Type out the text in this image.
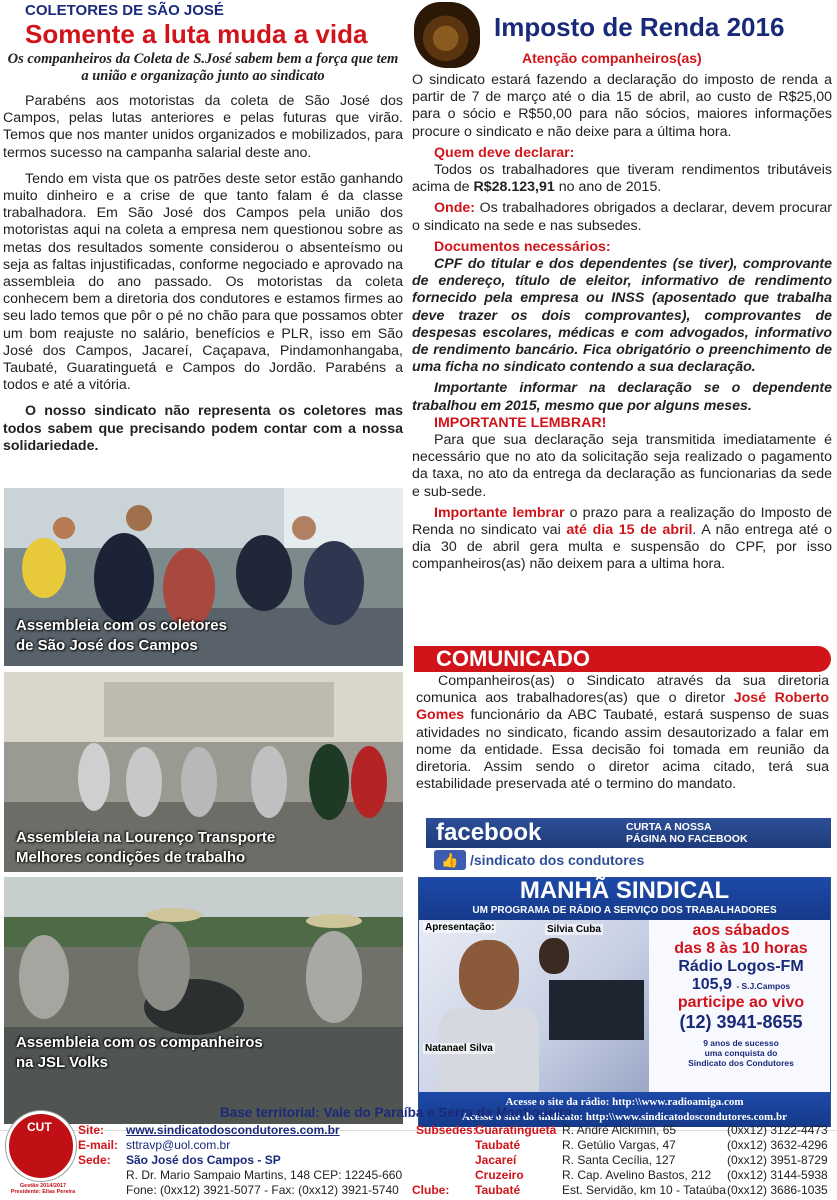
COLETORES DE SÃO JOSÉ
Somente a luta muda a vida
Os companheiros da Coleta de S.José sabem bem a força que tem a união e organização junto ao sindicato

Parabéns aos motoristas da coleta de São José dos Campos, pelas lutas anteriores e pelas futuras que virão. Temos que nos manter unidos organizados e mobilizados, para termos sucesso na campanha salarial deste ano.

Tendo em vista que os patrões deste setor estão ganhando muito dinheiro e a crise de que tanto falam é da classe trabalhadora. Em São José dos Campos pela união dos motoristas aqui na coleta a empresa nem questionou sobre as metas dos resultados somente considerou o absenteísmo ou seja as faltas injustificadas, conforme negociado e aprovado na assembleia do ano passado. Os motoristas da coleta conhecem bem a diretoria dos condutores e estamos firmes ao seu lado temos que pôr o pé no chão para que possamos obter um bom reajuste no salário, benefícios e PLR, isso em São José dos Campos, Jacareí, Caçapava, Pindamonhangaba, Taubaté, Guaratinguetá e Campos do Jordão. Parabéns a todos e até a vitória.

O nosso sindicato não representa os coletores mas todos sabem que precisando podem contar com a nossa solidariedade.

Assembleia com os coletores
de São José dos Campos
Assembleia na Lourenço Transporte
Melhores condições de trabalho
Assembleia com os companheiros
na JSL Volks
Imposto de Renda 2016
Atenção companheiros(as)

O sindicato estará fazendo a declaração do imposto de renda a partir de 7 de março até o dia 15 de abril, ao custo de R$25,00 para o sócio e R$50,00 para não sócios, maiores informações procure o sindicato e não deixe para a última hora.

Quem deve declarar:

Todos os trabalhadores que tiveram rendimentos tributáveis acima de R$28.123,91 no ano de 2015.

Onde: Os trabalhadores obrigados a declarar, devem procurar o sindicato na sede e nas subsedes.

Documentos necessários:

CPF do titular e dos dependentes (se tiver), comprovante de endereço, título de eleitor, informativo de rendimento fornecido pela empresa ou INSS (aposentado que trabalha deve trazer os dois comprovantes), comprovantes de despesas escolares, médicas e com advogados, informativo de rendimento bancário. Fica obrigatório o preenchimento de uma ficha no sindicato contendo a sua declaração.

Importante informar na declaração se o dependente trabalhou em 2015, mesmo que por alguns meses.

IMPORTANTE LEMBRAR!

Para que sua declaração seja transmitida imediatamente é necessário que no ato da solicitação seja realizado o pagamento da taxa, no ato da entrega da declaração as funcionarias da sede e sub-sede.

Importante lembrar o prazo para a realização do Imposto de Renda no sindicato vai até dia 15 de abril. A não entrega até o dia 30 de abril gera multa e suspensão do CPF, por isso companheiros(as) não deixem para a ultima hora.

COMUNICADO

Companheiros(as) o Sindicato através da sua diretoria comunica aos trabalhadores(as) que o diretor José Roberto Gomes funcionário da ABC Taubaté, estará suspenso de suas atividades no sindicato, ficando assim desautorizado a falar em nome da entidade. Essa decisão foi tomada em reunião da diretoria. Assim sendo o diretor acima citado, terá sua estabilidade preservada até o termino do mandato.

facebook	CURTA A NOSSA
PÁGINA NO FACEBOOK
👍 /sindicato dos condutores
MANHÃ SINDICAL
UM PROGRAMA DE RÁDIO A SERVIÇO DOS TRABALHADORES
Apresentação:	Silvia Cuba
Natanael Silva
aos sábados
das 8 às 10 horas
Rádio Logos-FM
105,9 - S.J.Campos
participe ao vivo
(12) 3941-8655
9 anos de sucesso
uma conquista do
Sindicato dos Condutores
Acesse o site da rádio: http:\\www.radioamiga.com
Acesse o site do sindicato: http:\\www.sindicatodoscondutores.com.br
CUT
Gestão 2014/2017 Presidente: Elias Pereira
Base territorial: Vale do Paraíba e Serra da Mantiqueira
Site: www.sindicatodoscondutores.com.br
E-mail: sttravp@uol.com.br
Sede: São José dos Campos - SP
R. Dr. Mario Sampaio Martins, 148 CEP: 12245-660
Fone: (0xx12) 3921-5077 - Fax: (0xx12) 3921-5740
Subsedes:
Clube:
Guaratinguetá R. André Alckimin, 65	(0xx12) 3122-4473
Taubaté	R. Getúlio Vargas, 47	(0xx12) 3632-4296
Jacareí	R. Santa Cecília, 127	(0xx12) 3951-8729
Cruzeiro	R. Cap. Avelino Bastos, 212 (0xx12) 3144-5938
Taubaté	Est. Servidão, km 10 - Tataúba (0xx12) 3686-1035
